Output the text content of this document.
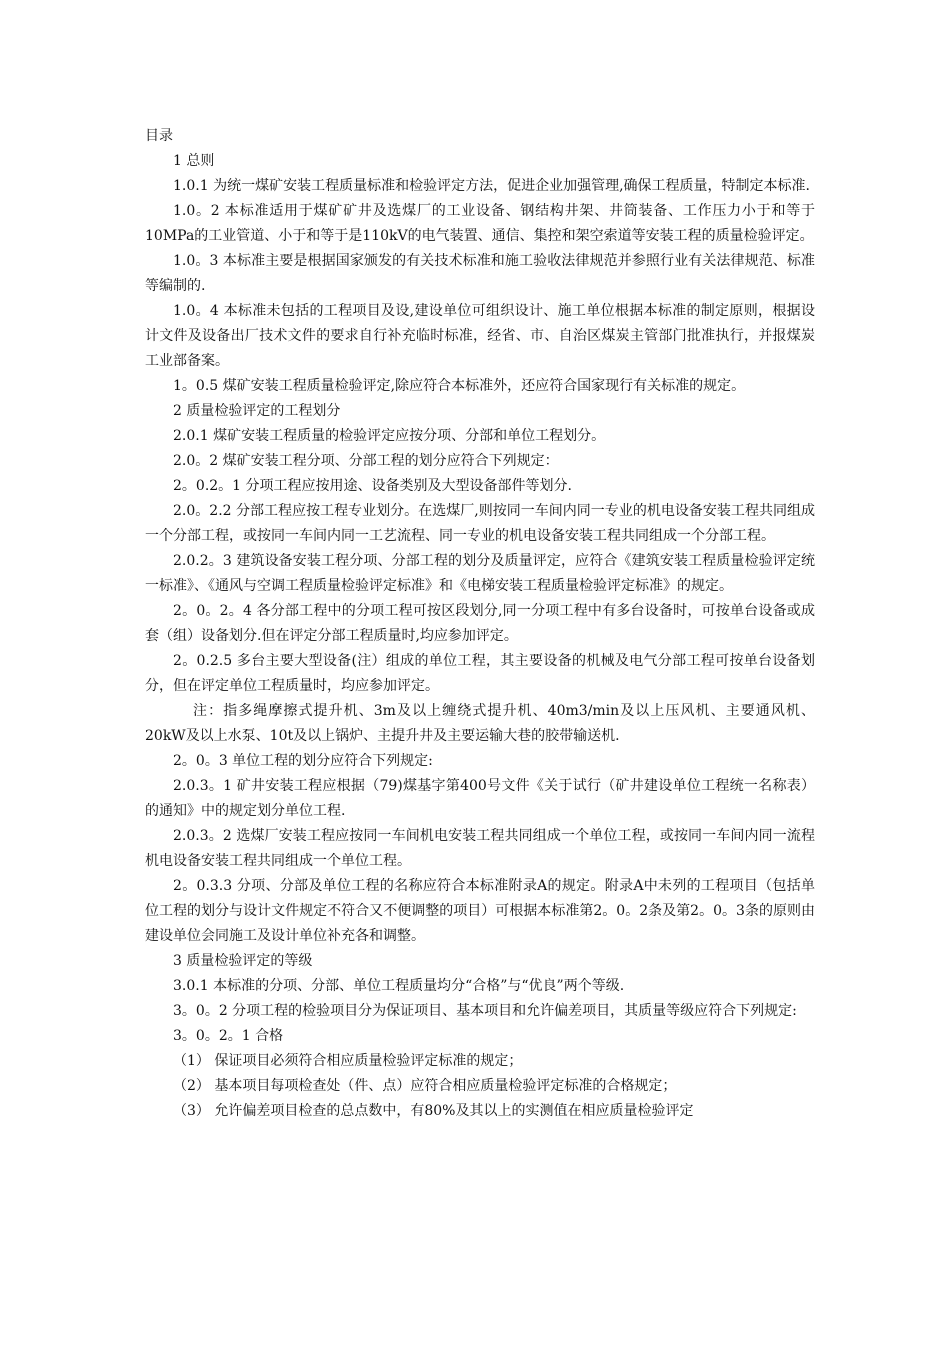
目录

1 总则

1.0.1 为统一煤矿安装工程质量标准和检验评定方法，促进企业加强管理,确保工程质量，特制定本标准.

1.0。2 本标准适用于煤矿矿井及选煤厂的工业设备、钢结构井架、井筒装备、工作压力小于和等于10MPa的工业管道、小于和等于是110kV的电气装置、通信、集控和架空索道等安装工程的质量检验评定。

1.0。3 本标准主要是根据国家颁发的有关技术标准和施工验收法律规范并参照行业有关法律规范、标准等编制的.

1.0。4 本标准未包括的工程项目及设,建设单位可组织设计、施工单位根据本标准的制定原则，根据设计文件及设备出厂技术文件的要求自行补充临时标准，经省、市、自治区煤炭主管部门批准执行，并报煤炭工业部备案。

1。0.5 煤矿安装工程质量检验评定,除应符合本标准外，还应符合国家现行有关标准的规定。

2 质量检验评定的工程划分

2.0.1 煤矿安装工程质量的检验评定应按分项、分部和单位工程划分。

2.0。2 煤矿安装工程分项、分部工程的划分应符合下列规定：

2。0.2。1 分项工程应按用途、设备类别及大型设备部件等划分.

2.0。2.2 分部工程应按工程专业划分。在选煤厂,则按同一车间内同一专业的机电设备安装工程共同组成一个分部工程，或按同一车间内同一工艺流程、同一专业的机电设备安装工程共同组成一个分部工程。

2.0.2。3 建筑设备安装工程分项、分部工程的划分及质量评定，应符合《建筑安装工程质量检验评定统一标准》、《通风与空调工程质量检验评定标准》和《电梯安装工程质量检验评定标准》的规定。

2。0。2。4 各分部工程中的分项工程可按区段划分,同一分项工程中有多台设备时，可按单台设备或成套（组）设备划分.但在评定分部工程质量时,均应参加评定。

2。0.2.5 多台主要大型设备(注）组成的单位工程，其主要设备的机械及电气分部工程可按单台设备划分，但在评定单位工程质量时，均应参加评定。

注：指多绳摩擦式提升机、3m及以上缠绕式提升机、40m3/min及以上压风机、主要通风机、20kW及以上水泵、10t及以上锅炉、主提升井及主要运输大巷的胶带输送机.

2。0。3 单位工程的划分应符合下列规定:

2.0.3。1 矿井安装工程应根据（79)煤基字第400号文件《关于试行（矿井建设单位工程统一名称表）的通知》中的规定划分单位工程.

2.0.3。2 选煤厂安装工程应按同一车间机电安装工程共同组成一个单位工程，或按同一车间内同一流程机电设备安装工程共同组成一个单位工程。

2。0.3.3 分项、分部及单位工程的名称应符合本标准附录A的规定。附录A中未列的工程项目（包括单位工程的划分与设计文件规定不符合又不便调整的项目）可根据本标准第2。0。2条及第2。0。3条的原则由建设单位会同施工及设计单位补充各和调整。

3 质量检验评定的等级

3.0.1 本标准的分项、分部、单位工程质量均分“合格”与“优良”两个等级.

3。0。2 分项工程的检验项目分为保证项目、基本项目和允许偏差项目，其质量等级应符合下列规定:

3。0。2。1 合格

（1） 保证项目必须符合相应质量检验评定标准的规定；

（2） 基本项目每项检查处（件、点）应符合相应质量检验评定标准的合格规定；

（3） 允许偏差项目检查的总点数中，有80%及其以上的实测值在相应质量检验评定
